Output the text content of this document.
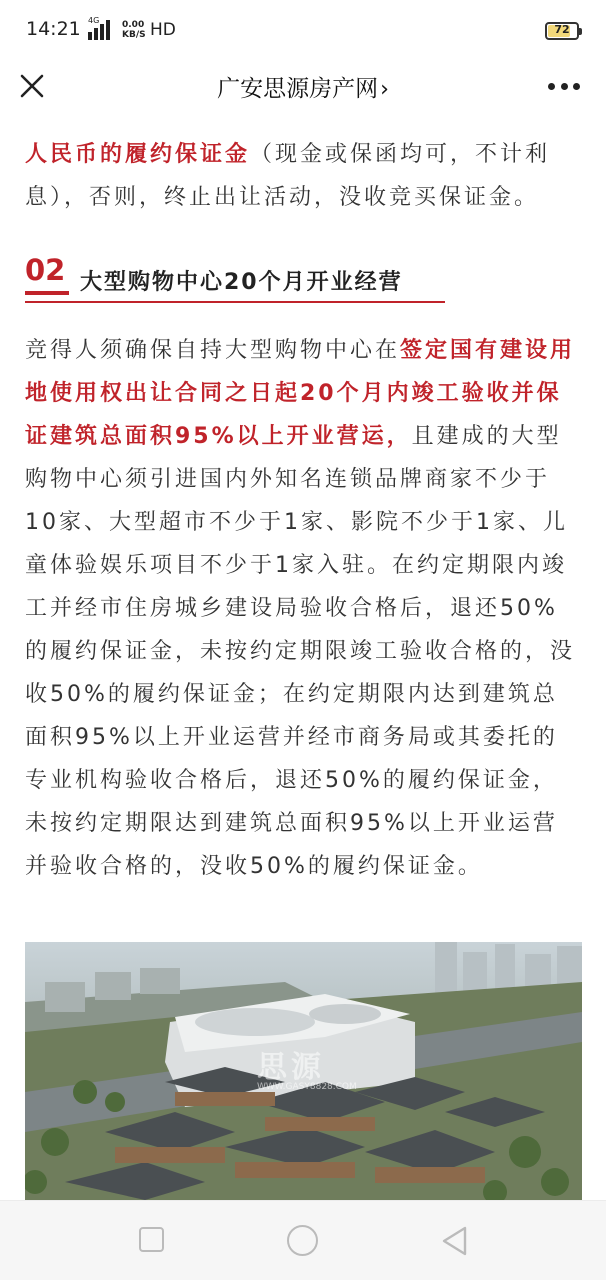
14:21 4G	0.00
KB/S HD	72
广安思源房产网›

人民币的履约保证金（现金或保函均可，不计利息），否则，终止出让活动，没收竞买保证金。

02 大型购物中心20个月开业经营

竞得人须确保自持大型购物中心在签定国有建设用地使用权出让合同之日起20个月内竣工验收并保证建筑总面积95%以上开业营运，且建成的大型购物中心须引进国内外知名连锁品牌商家不少于10家、大型超市不少于1家、影院不少于1家、儿童体验娱乐项目不少于1家入驻。在约定期限内竣工并经市住房城乡建设局验收合格后，退还50%的履约保证金，未按约定期限竣工验收合格的，没收50%的履约保证金；在约定期限内达到建筑总面积95%以上开业运营并经市商务局或其委托的专业机构验收合格后，退还50%的履约保证金，未按约定期限达到建筑总面积95%以上开业运营并验收合格的，没收50%的履约保证金。

思源
WWW.GASY8828.COM
